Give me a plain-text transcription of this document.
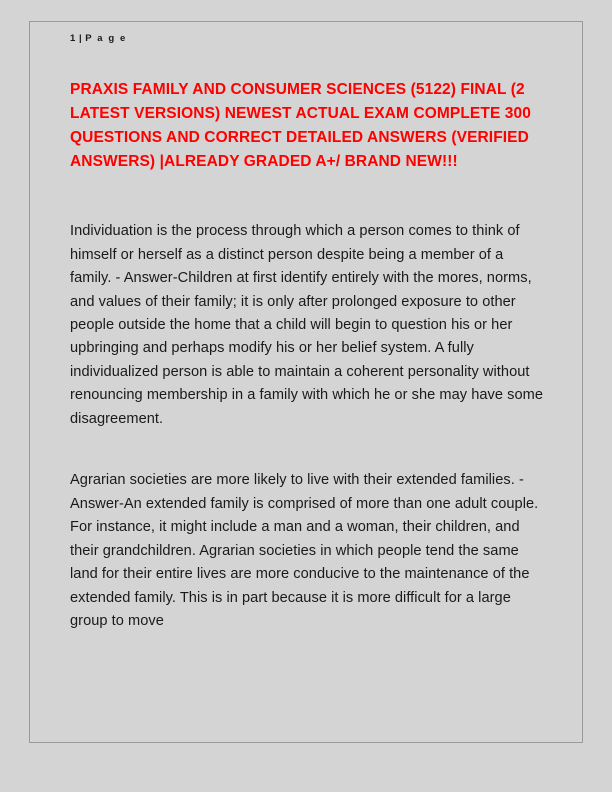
1 | P a g e
PRAXIS FAMILY AND CONSUMER SCIENCES (5122) FINAL (2 LATEST VERSIONS) NEWEST ACTUAL EXAM COMPLETE 300 QUESTIONS AND CORRECT DETAILED ANSWERS (VERIFIED ANSWERS) |ALREADY GRADED A+/ BRAND NEW!!!

Individuation is the process through which a person comes to think of himself or herself as a distinct person despite being a member of a family. - Answer-Children at first identify entirely with the mores, norms, and values of their family; it is only after prolonged exposure to other people outside the home that a child will begin to question his or her upbringing and perhaps modify his or her belief system. A fully individualized person is able to maintain a coherent personality without renouncing membership in a family with which he or she may have some disagreement.

Agrarian societies are more likely to live with their extended families. - Answer-An extended family is comprised of more than one adult couple. For instance, it might include a man and a woman, their children, and their grandchildren. Agrarian societies in which people tend the same land for their entire lives are more conducive to the maintenance of the extended family. This is in part because it is more difficult for a large group to move
